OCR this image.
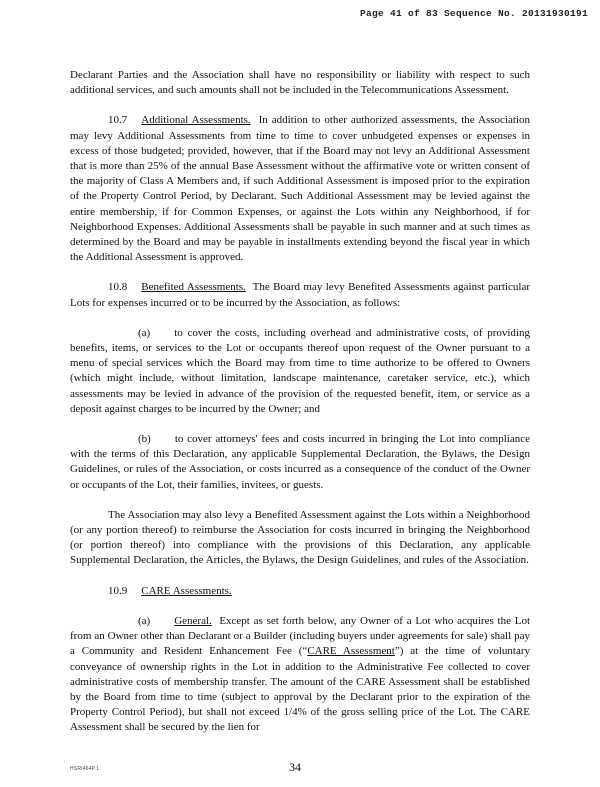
Page 41 of 83 Sequence No. 20131930191

Declarant Parties and the Association shall have no responsibility or liability with respect to such additional services, and such amounts shall not be included in the Telecommunications Assessment.

10.7 Additional Assessments. In addition to other authorized assessments, the Association may levy Additional Assessments from time to time to cover unbudgeted expenses or expenses in excess of those budgeted; provided, however, that if the Board may not levy an Additional Assessment that is more than 25% of the annual Base Assessment without the affirmative vote or written consent of the majority of Class A Members and, if such Additional Assessment is imposed prior to the expiration of the Property Control Period, by Declarant. Such Additional Assessment may be levied against the entire membership, if for Common Expenses, or against the Lots within any Neighborhood, if for Neighborhood Expenses. Additional Assessments shall be payable in such manner and at such times as determined by the Board and may be payable in installments extending beyond the fiscal year in which the Additional Assessment is approved.

10.8 Benefited Assessments. The Board may levy Benefited Assessments against particular Lots for expenses incurred or to be incurred by the Association, as follows:

(a) to cover the costs, including overhead and administrative costs, of providing benefits, items, or services to the Lot or occupants thereof upon request of the Owner pursuant to a menu of special services which the Board may from time to time authorize to be offered to Owners (which might include, without limitation, landscape maintenance, caretaker service, etc.), which assessments may be levied in advance of the provision of the requested benefit, item, or service as a deposit against charges to be incurred by the Owner; and

(b) to cover attorneys' fees and costs incurred in bringing the Lot into compliance with the terms of this Declaration, any applicable Supplemental Declaration, the Bylaws, the Design Guidelines, or rules of the Association, or costs incurred as a consequence of the conduct of the Owner or occupants of the Lot, their families, invitees, or guests.

The Association may also levy a Benefited Assessment against the Lots within a Neighborhood (or any portion thereof) to reimburse the Association for costs incurred in bringing the Neighborhood (or portion thereof) into compliance with the provisions of this Declaration, any applicable Supplemental Declaration, the Articles, the Bylaws, the Design Guidelines, and rules of the Association.

10.9 CARE Assessments.

(a) General. Except as set forth below, any Owner of a Lot who acquires the Lot from an Owner other than Declarant or a Builder (including buyers under agreements for sale) shall pay a Community and Resident Enhancement Fee (“CARE Assessment”) at the time of voluntary conveyance of ownership rights in the Lot in addition to the Administrative Fee collected to cover administrative costs of membership transfer. The amount of the CARE Assessment shall be established by the Board from time to time (subject to approval by the Declarant prior to the expiration of the Property Control Period), but shall not exceed 1/4% of the gross selling price of the Lot. The CARE Assessment shall be secured by the lien for

HSRI464P.1	34
